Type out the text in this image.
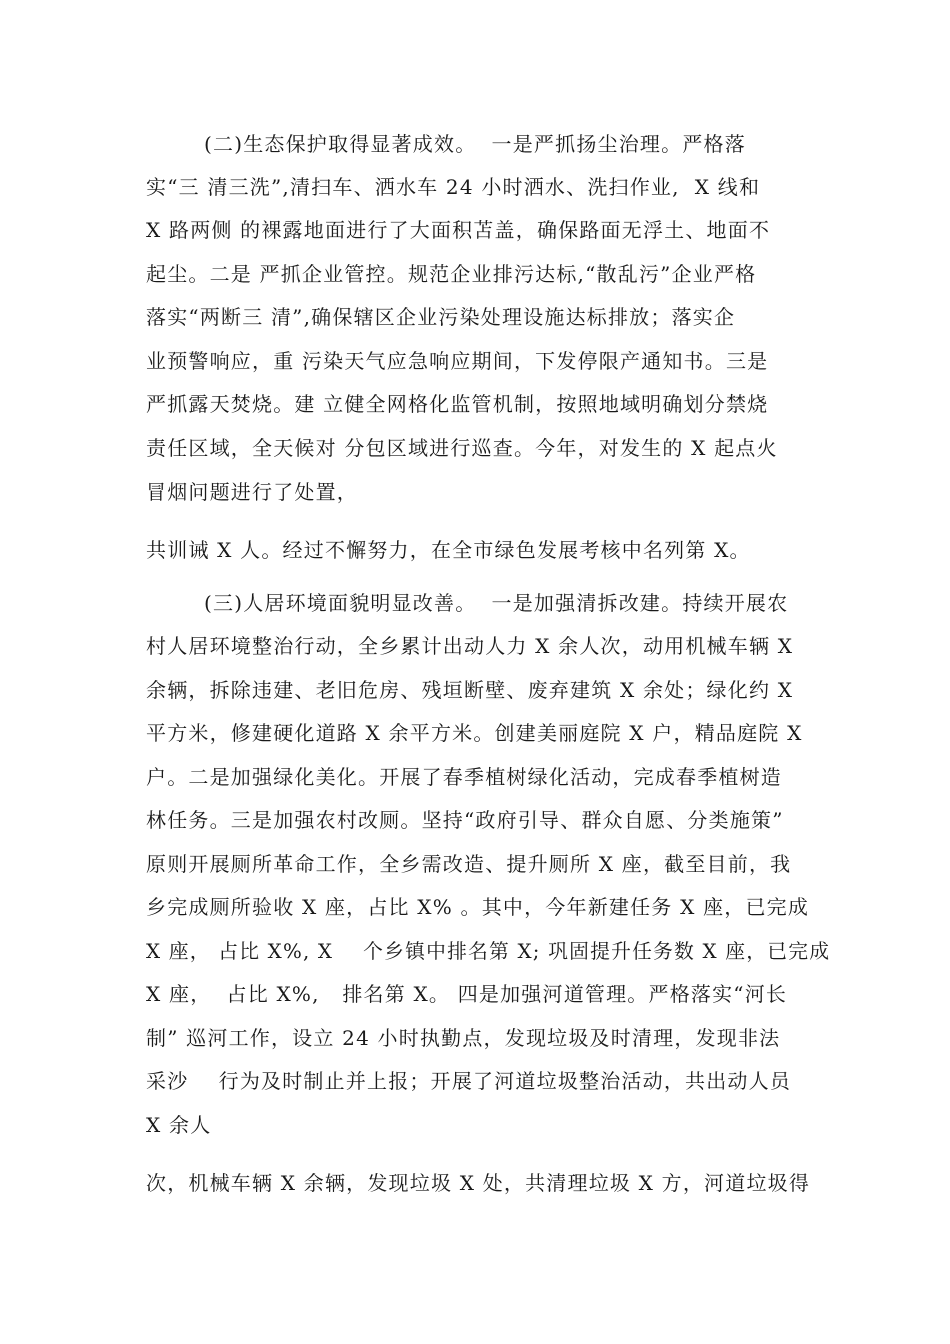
(二)生态保护取得显著成效。  一是严抓扬尘治理。严格落
实“三 清三洗”,清扫车、洒水车 24 小时洒水、洗扫作业,  X 线和
X 路两侧 的裸露地面进行了大面积苫盖，确保路面无浮土、地面不
起尘。二是 严抓企业管控。规范企业排污达标,“散乱污”企业严格
落实“两断三 清”,确保辖区企业污染处理设施达标排放；落实企
业预警响应，重 污染天气应急响应期间，下发停限产通知书。三是
严抓露天焚烧。建 立健全网格化监管机制，按照地域明确划分禁烧
责任区域，全天候对 分包区域进行巡查。今年，对发生的 X 起点火
冒烟问题进行了处置，
共训诫 X 人。经过不懈努力，在全市绿色发展考核中名列第 X。
(三)人居环境面貌明显改善。  一是加强清拆改建。持续开展农
村人居环境整治行动，全乡累计出动人力 X 余人次，动用机械车辆 X
余辆，拆除违建、老旧危房、残垣断壁、废弃建筑 X 余处；绿化约 X
平方米，修建硬化道路 X 余平方米。创建美丽庭院 X 户，精品庭院 X
户。二是加强绿化美化。开展了春季植树绿化活动，完成春季植树造
林任务。三是加强农村改厕。坚持“政府引导、群众自愿、分类施策”
原则开展厕所革命工作，全乡需改造、提升厕所 X 座，截至目前，我
乡完成厕所验收 X 座，占比 X% 。其中，今年新建任务 X 座，已完成
X 座， 占比 X%, X    个乡镇中排名第 X; 巩固提升任务数 X 座，已完成
X 座，  占比 X%,   排名第 X。 四是加强河道管理。严格落实“河长
制” 巡河工作，设立 24 小时执勤点，发现垃圾及时清理，发现非法
采沙    行为及时制止并上报；开展了河道垃圾整治活动，共出动人员
X 余人
次，机械车辆 X 余辆，发现垃圾 X 处，共清理垃圾 X 方，河道垃圾得
